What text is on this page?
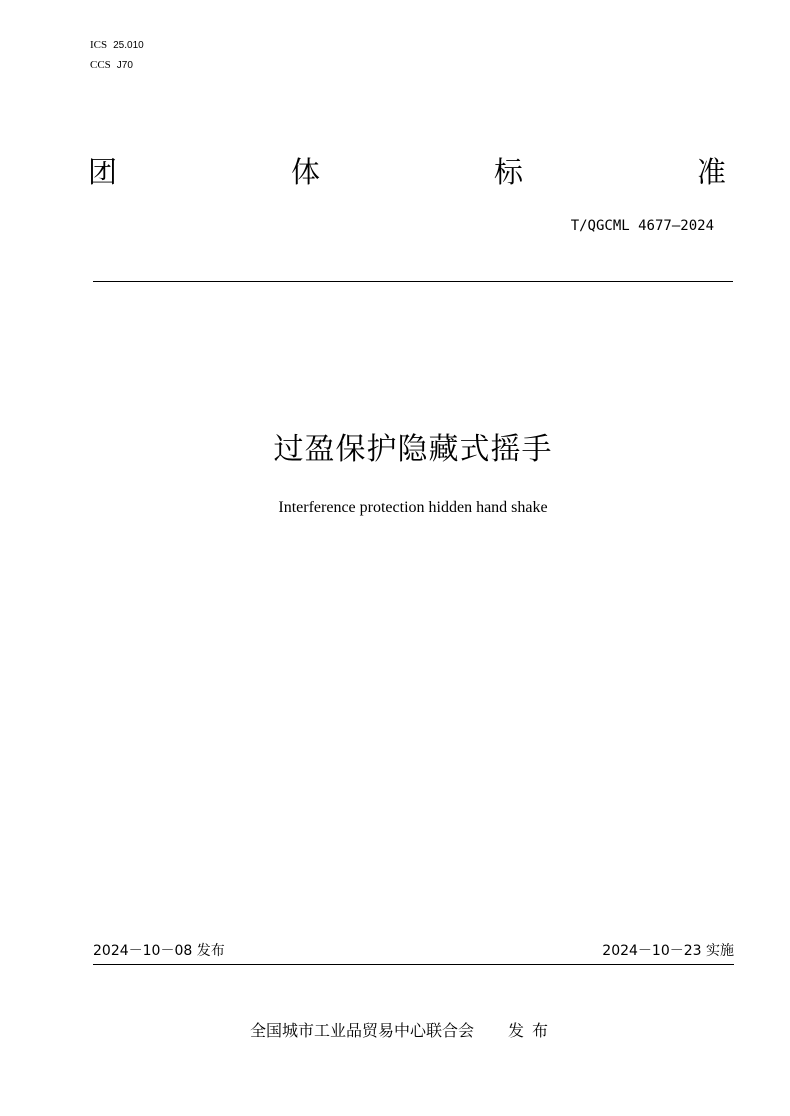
ICS 25.010
CCS J70
团	体	标	准
T/QGCML 4677—2024
过盈保护隐藏式摇手
Interference protection hidden hand shake
2024－10－08 发布	2024－10－23 实施
全国城市工业品贸易中心联合会 发布
